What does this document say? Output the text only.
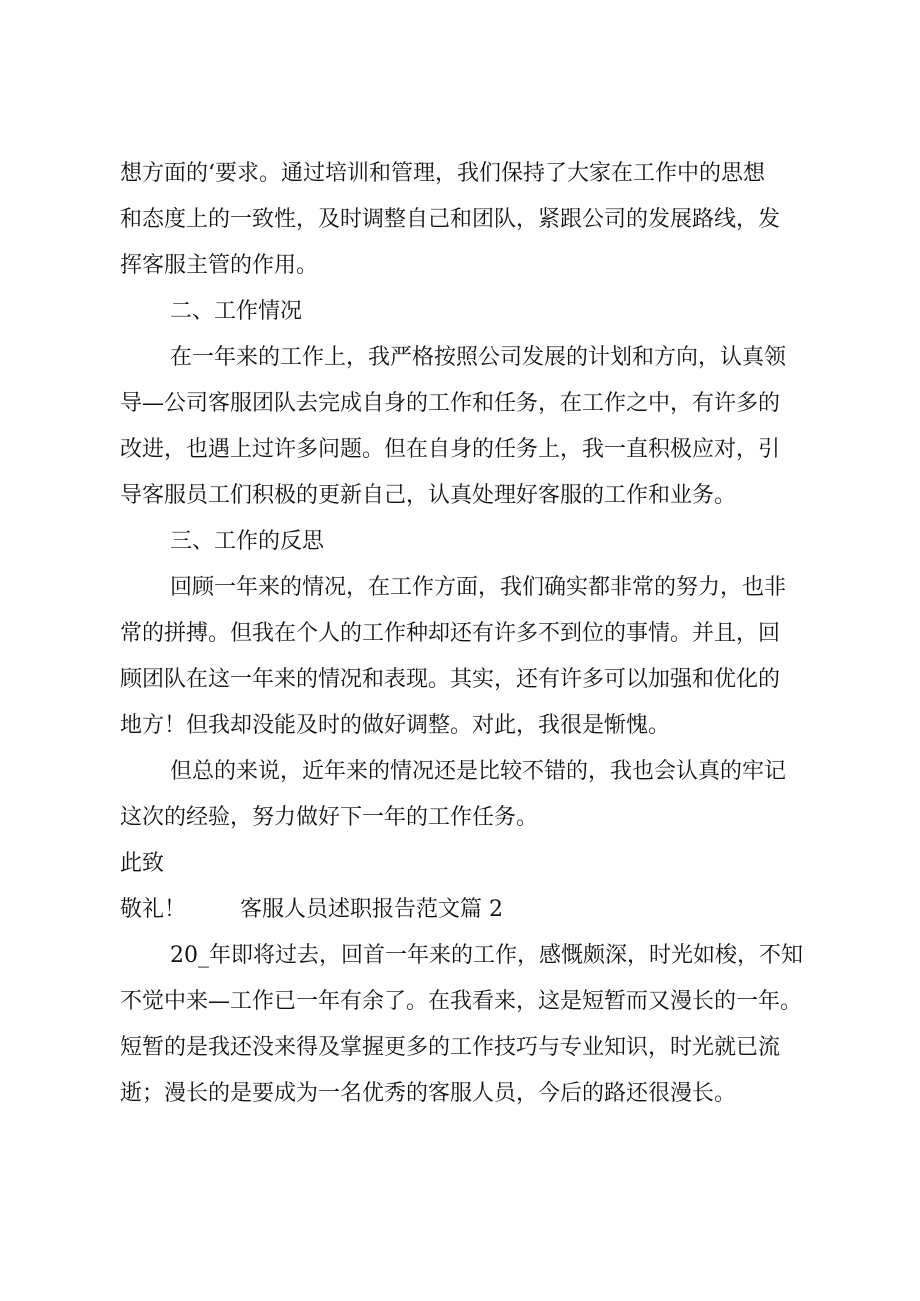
想方面的‘要求。通过培训和管理，我们保持了大家在工作中的思想
和态度上的一致性，及时调整自己和团队，紧跟公司的发展路线，发
挥客服主管的作用。
二、工作情况
在一年来的工作上，我严格按照公司发展的计划和方向，认真领
导—公司客服团队去完成自身的工作和任务，在工作之中，有许多的
改进，也遇上过许多问题。但在自身的任务上，我一直积极应对，引
导客服员工们积极的更新自己，认真处理好客服的工作和业务。
三、工作的反思
回顾一年来的情况，在工作方面，我们确实都非常的努力，也非
常的拼搏。但我在个人的工作种却还有许多不到位的事情。并且，回
顾团队在这一年来的情况和表现。其实，还有许多可以加强和优化的
地方！但我却没能及时的做好调整。对此，我很是惭愧。
但总的来说，近年来的情况还是比较不错的，我也会认真的牢记
这次的经验，努力做好下一年的工作任务。
此致
敬礼！ 客服人员述职报告范文篇 2
20_年即将过去，回首一年来的工作，感慨颇深，时光如梭，不知
不觉中来—工作已一年有余了。在我看来，这是短暂而又漫长的一年。
短暂的是我还没来得及掌握更多的工作技巧与专业知识，时光就已流
逝；漫长的是要成为一名优秀的客服人员，今后的路还很漫长。
